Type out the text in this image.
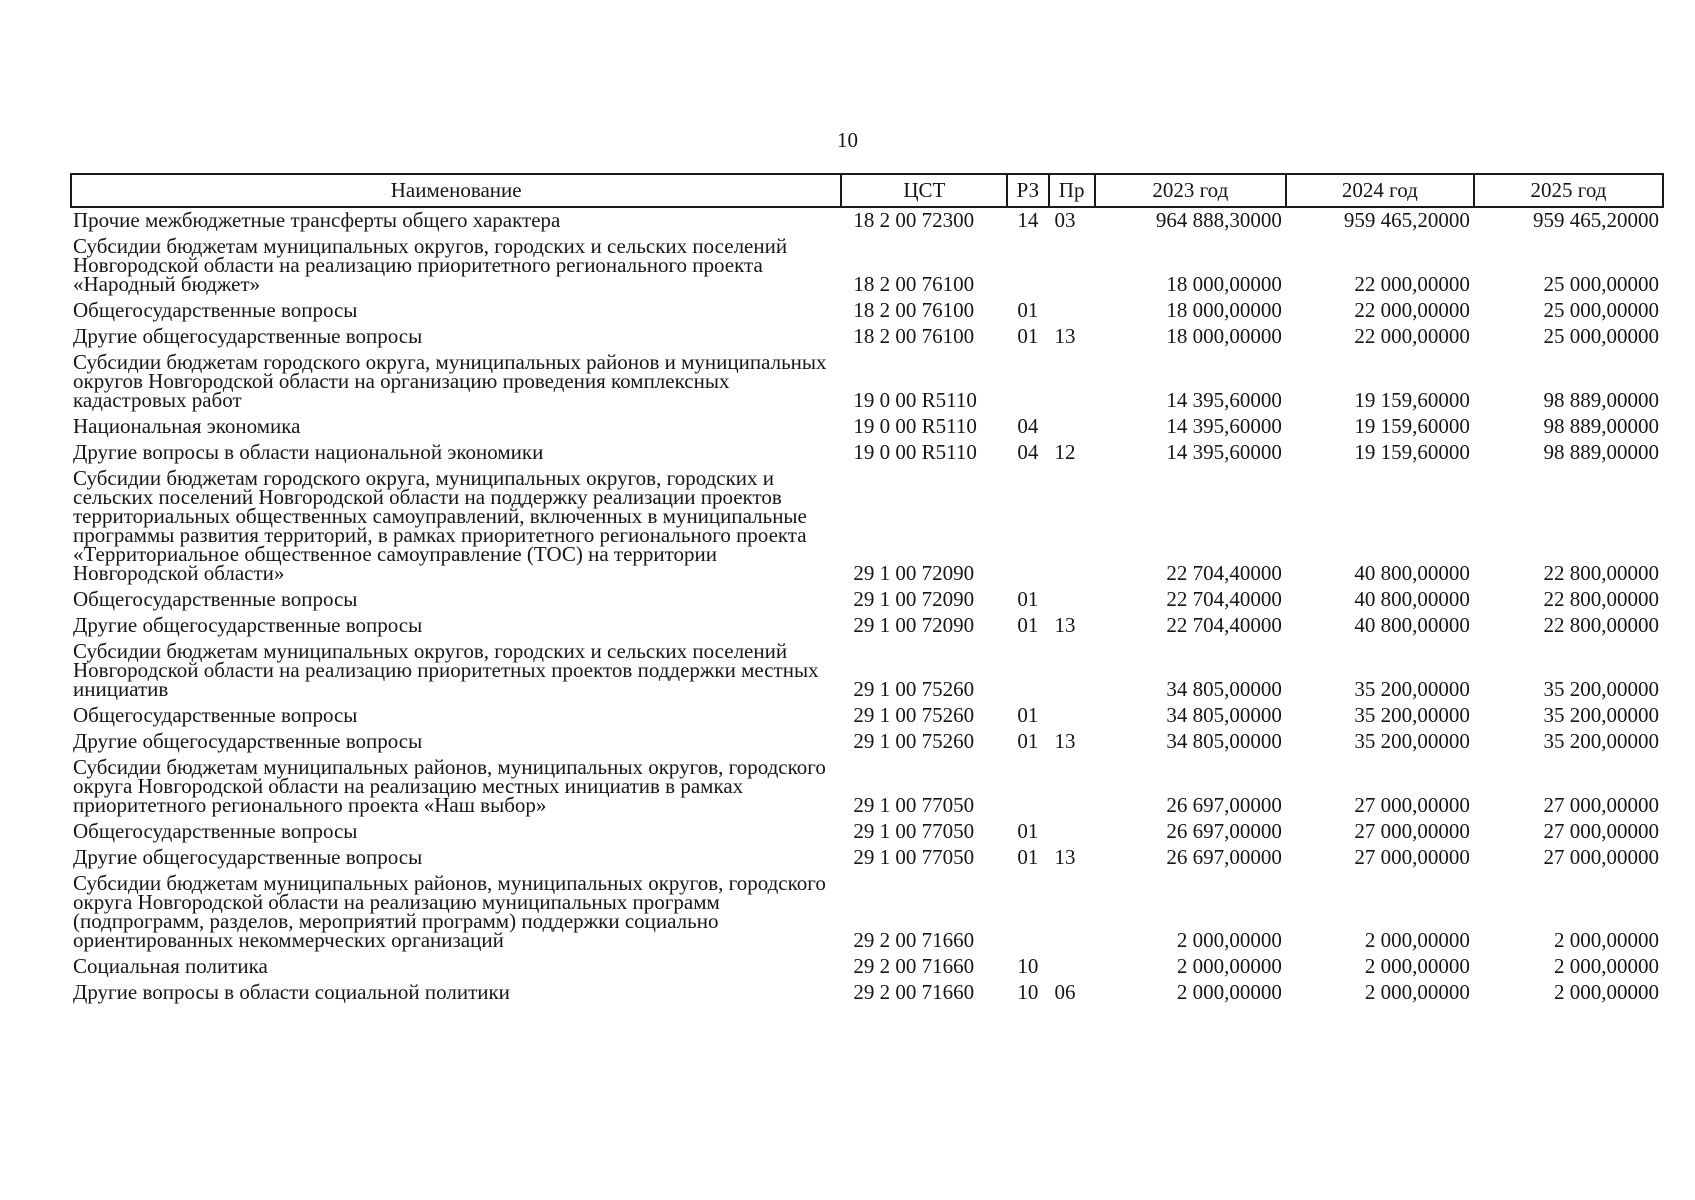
10
Наименование	ЦСТ	РЗ	Пр	2023 год	2024 год	2025 год
Прочие межбюджетные трансферты общего характера	18 2 00 72300	14	03	964 888,30000	959 465,20000	959 465,20000
Субсидии бюджетам муниципальных округов, городских и сельских поселений Новгородской области на реализацию приоритетного регионального проекта «Народный бюджет»	18 2 00 76100			18 000,00000	22 000,00000	25 000,00000
Общегосударственные вопросы	18 2 00 76100	01		18 000,00000	22 000,00000	25 000,00000
Другие общегосударственные вопросы	18 2 00 76100	01	13	18 000,00000	22 000,00000	25 000,00000
Субсидии бюджетам городского округа, муниципальных районов и муниципальных округов Новгородской области на организацию проведения комплексных кадастровых работ	19 0 00 R5110			14 395,60000	19 159,60000	98 889,00000
Национальная экономика	19 0 00 R5110	04		14 395,60000	19 159,60000	98 889,00000
Другие вопросы в области национальной экономики	19 0 00 R5110	04	12	14 395,60000	19 159,60000	98 889,00000
Субсидии бюджетам городского округа, муниципальных округов, городских и сельских поселений Новгородской области на поддержку реализации проектов территориальных общественных самоуправлений, включенных в муниципальные программы развития территорий, в рамках приоритетного регионального проекта «Территориальное общественное самоуправление (ТОС) на территории Новгородской области»	29 1 00 72090			22 704,40000	40 800,00000	22 800,00000
Общегосударственные вопросы	29 1 00 72090	01		22 704,40000	40 800,00000	22 800,00000
Другие общегосударственные вопросы	29 1 00 72090	01	13	22 704,40000	40 800,00000	22 800,00000
Субсидии бюджетам муниципальных округов, городских и сельских поселений Новгородской области на реализацию приоритетных проектов поддержки местных инициатив	29 1 00 75260			34 805,00000	35 200,00000	35 200,00000
Общегосударственные вопросы	29 1 00 75260	01		34 805,00000	35 200,00000	35 200,00000
Другие общегосударственные вопросы	29 1 00 75260	01	13	34 805,00000	35 200,00000	35 200,00000
Субсидии бюджетам муниципальных районов, муниципальных округов, городского округа Новгородской области на реализацию местных инициатив в рамках приоритетного регионального проекта «Наш выбор»	29 1 00 77050			26 697,00000	27 000,00000	27 000,00000
Общегосударственные вопросы	29 1 00 77050	01		26 697,00000	27 000,00000	27 000,00000
Другие общегосударственные вопросы	29 1 00 77050	01	13	26 697,00000	27 000,00000	27 000,00000
Субсидии бюджетам муниципальных районов, муниципальных округов, городского округа Новгородской области на реализацию муниципальных программ (подпрограмм, разделов, мероприятий программ) поддержки социально ориентированных некоммерческих организаций	29 2 00 71660			2 000,00000	2 000,00000	2 000,00000
Социальная политика	29 2 00 71660	10		2 000,00000	2 000,00000	2 000,00000
Другие вопросы в области социальной политики	29 2 00 71660	10	06	2 000,00000	2 000,00000	2 000,00000
